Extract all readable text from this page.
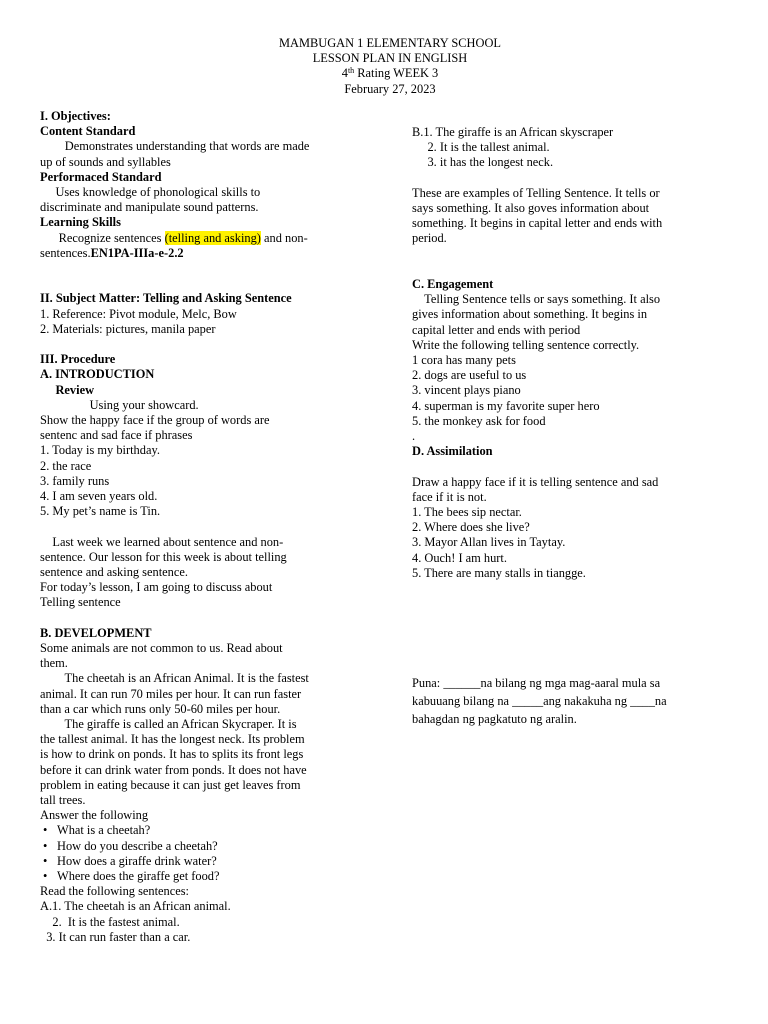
MAMBUGAN 1 ELEMENTARY SCHOOL
LESSON PLAN IN ENGLISH
4th Rating WEEK 3
February 27, 2023
I. Objectives:
Content Standard
Demonstrates understanding that words are made
up of sounds and syllables
Performaced Standard
Uses knowledge of phonological skills to
discriminate and manipulate sound patterns.
Learning Skills
Recognize sentences (telling and asking) and non-
sentences.EN1PA-IIIa-e-2.2
II. Subject Matter: Telling and Asking Sentence
1. Reference: Pivot module, Melc, Bow
2. Materials: pictures, manila paper
III. Procedure
A. INTRODUCTION
Review
Using your showcard.
Show the happy face if the group of words are
sentenc and sad face if phrases
1. Today is my birthday.
2. the race
3. family runs
4. I am seven years old.
5. My pet’s name is Tin.
Last week we learned about sentence and non-
sentence. Our lesson for this week is about telling
sentence and asking sentence.
For today’s lesson, I am going to discuss about
Telling sentence
B. DEVELOPMENT
Some animals are not common to us. Read about
them.
The cheetah is an African Animal. It is the fastest
animal. It can run 70 miles per hour. It can run faster
than a car which runs only 50-60 miles per hour.
The giraffe is called an African Skycraper. It is
the tallest animal. It has the longest neck. Its problem
is how to drink on ponds. It has to splits its front legs
before it can drink water from ponds. It does not have
problem in eating because it can just get leaves from
tall trees.
Answer the following
• What is a cheetah?
• How do you describe a cheetah?
• How does a giraffe drink water?
• Where does the giraffe get food?
Read the following sentences:
A.1. The cheetah is an African animal.
2.  It is the fastest animal.
3. It can run faster than a car.
B.1. The giraffe is an African skyscraper
2. It is the tallest animal.
3. it has the longest neck.
These are examples of Telling Sentence. It tells or
says something. It also goves information about
something. It begins in capital letter and ends with
period.
C. Engagement
Telling Sentence tells or says something. It also
gives information about something. It begins in
capital letter and ends with period
Write the following telling sentence correctly.
1 cora has many pets
2. dogs are useful to us
3. vincent plays piano
4. superman is my favorite super hero
5. the monkey ask for food
.
D. Assimilation
Draw a happy face if it is telling sentence and sad
face if it is not.
1. The bees sip nectar.
2. Where does she live?
3. Mayor Allan lives in Taytay.
4. Ouch! I am hurt.
5. There are many stalls in tiangge.
Puna: ______na bilang ng mga mag-aaral mula sa
kabuuang bilang na _____ang nakakuha ng ____na
bahagdan ng pagkatuto ng aralin.
